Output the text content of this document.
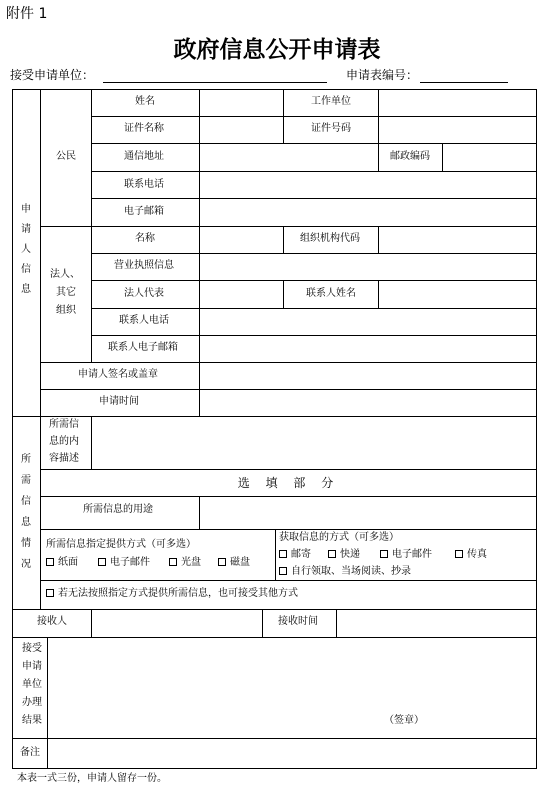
附件 1
政府信息公开申请表
接受申请单位：	申请表编号：
申
请
人
信
息
公民
姓名	工作单位
证件名称	证件号码
通信地址	邮政编码
联系电话
电子邮箱
法人、
其它
组织
名称	组织机构代码
营业执照信息
法人代表	联系人姓名
联系人电话
联系人电子邮箱
申请人签名或盖章
申请时间
所
需
信
息
情
况
所需信
息的内
容描述
选 填 部 分
所需信息的用途
所需信息指定提供方式（可多选）
纸面	电子邮件	光盘	磁盘
获取信息的方式（可多选）
邮寄	快递	电子邮件	传真
自行领取、当场阅读、抄录
若无法按照指定方式提供所需信息，也可接受其他方式
接收人	接收时间
接受
申请
单位
办理
结果	（签章）
备注
本表一式三份，申请人留存一份。
